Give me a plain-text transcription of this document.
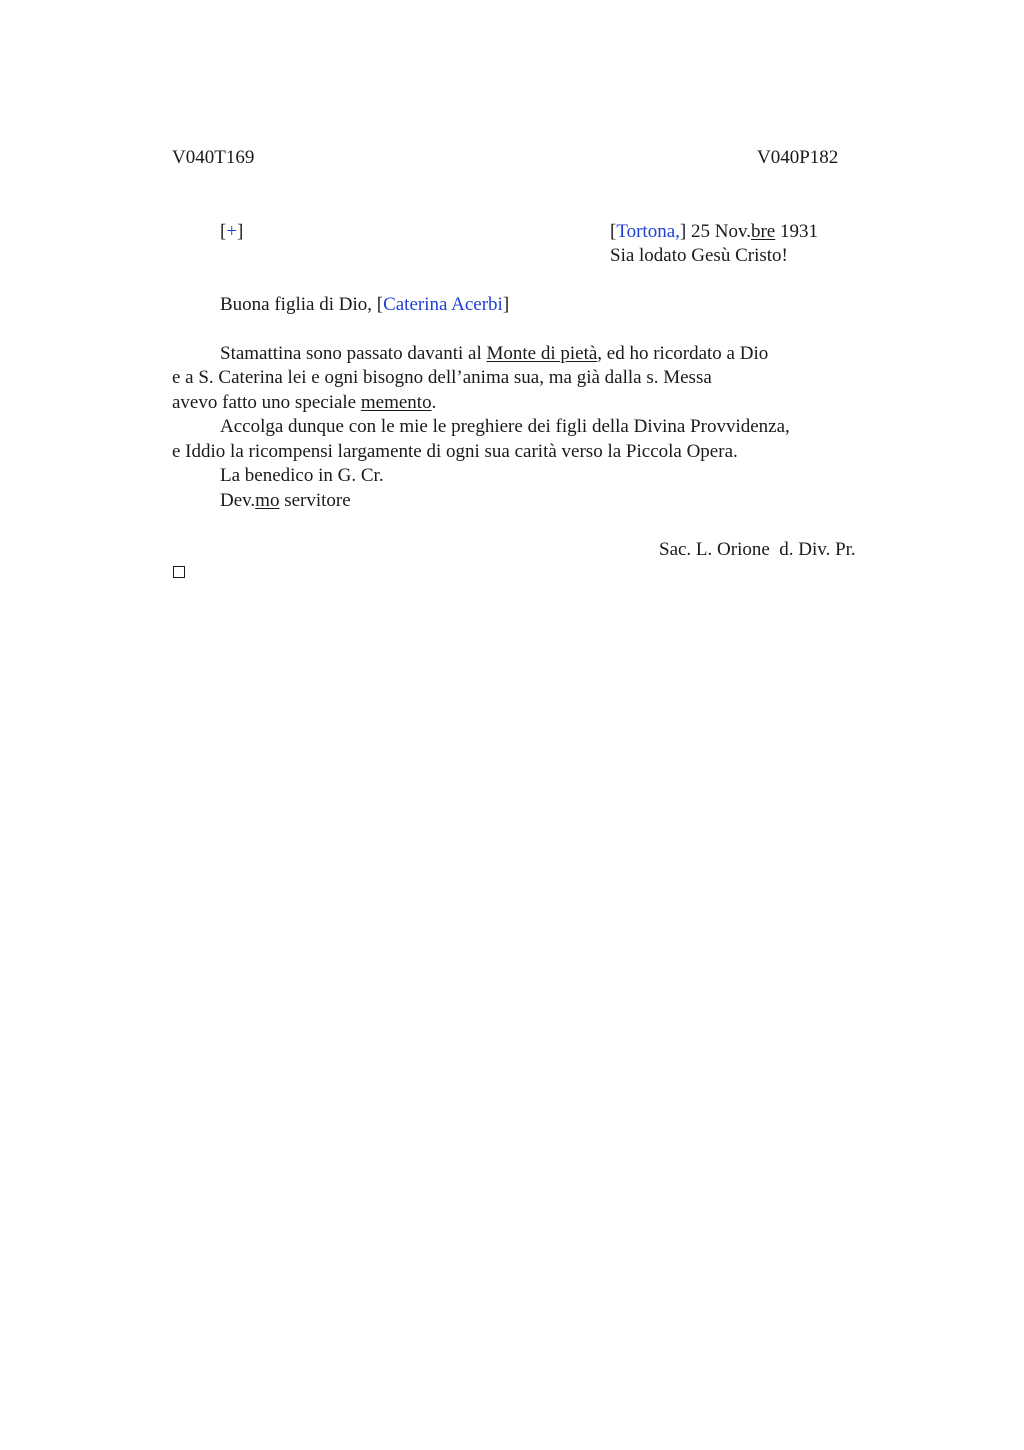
V040T169	V040P182
[+]	[Tortona,] 25 Nov.bre 1931
Sia lodato Gesù Cristo!
Buona figlia di Dio, [Caterina Acerbi]
Stamattina sono passato davanti al Monte di pietà, ed ho ricordato a Dio
e a S. Caterina lei e ogni bisogno dell’anima sua, ma già dalla s. Messa
avevo fatto uno speciale memento.
Accolga dunque con le mie le preghiere dei figli della Divina Provvidenza,
e Iddio la ricompensi largamente di ogni sua carità verso la Piccola Opera.
La benedico in G. Cr.
Dev.mo servitore
Sac. L. Orione  d. Div. Pr.
